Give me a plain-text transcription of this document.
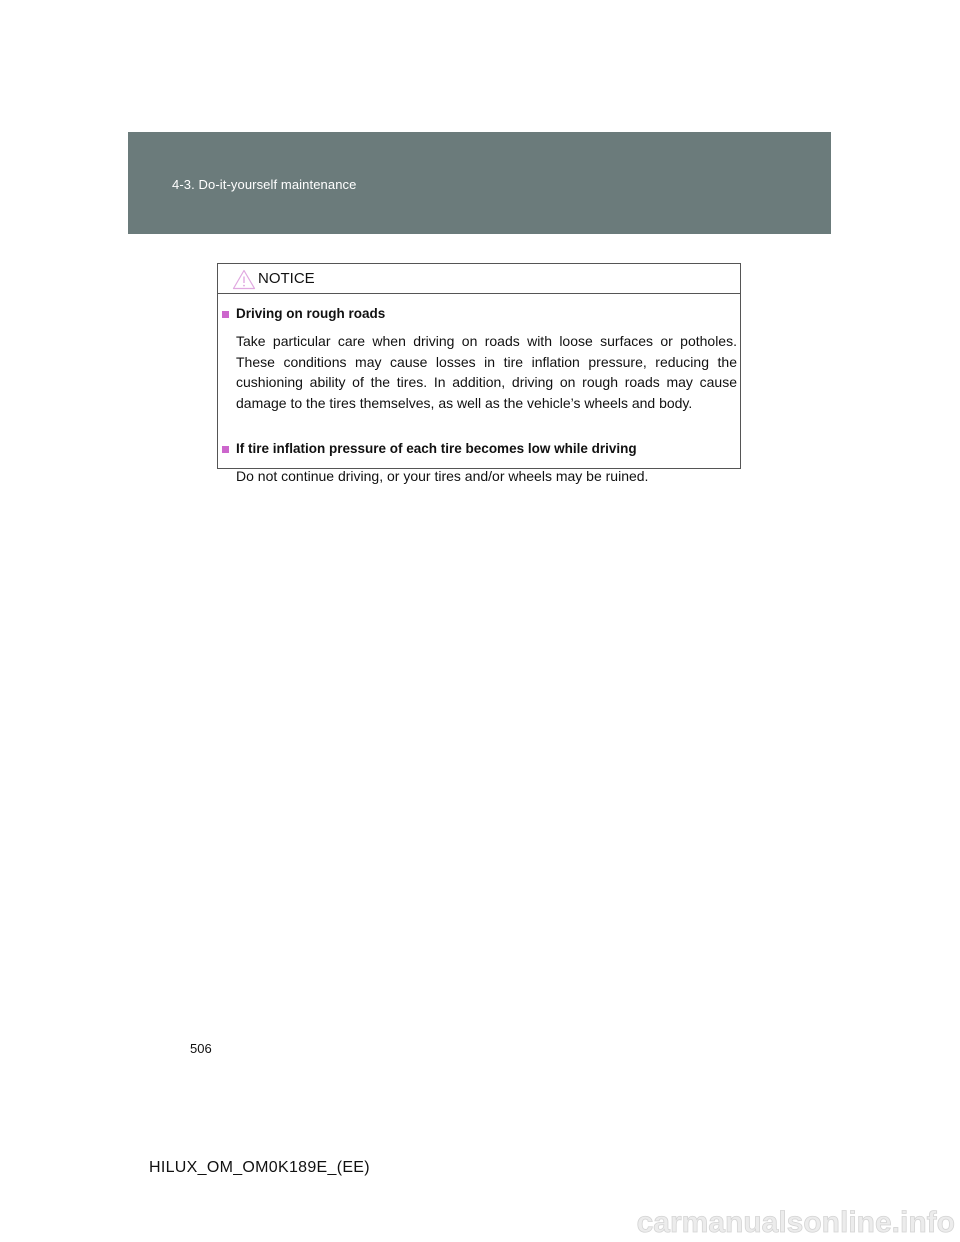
4-3. Do-it-yourself maintenance
NOTICE
Driving on rough roads
Take particular care when driving on roads with loose surfaces or potholes. These conditions may cause losses in tire inflation pressure, reducing the cushioning ability of the tires. In addition, driving on rough roads may cause damage to the tires themselves, as well as the vehicle’s wheels and body.
If tire inflation pressure of each tire becomes low while driving
Do not continue driving, or your tires and/or wheels may be ruined.
506
HILUX_OM_OM0K189E_(EE)
carmanualsonline.info
